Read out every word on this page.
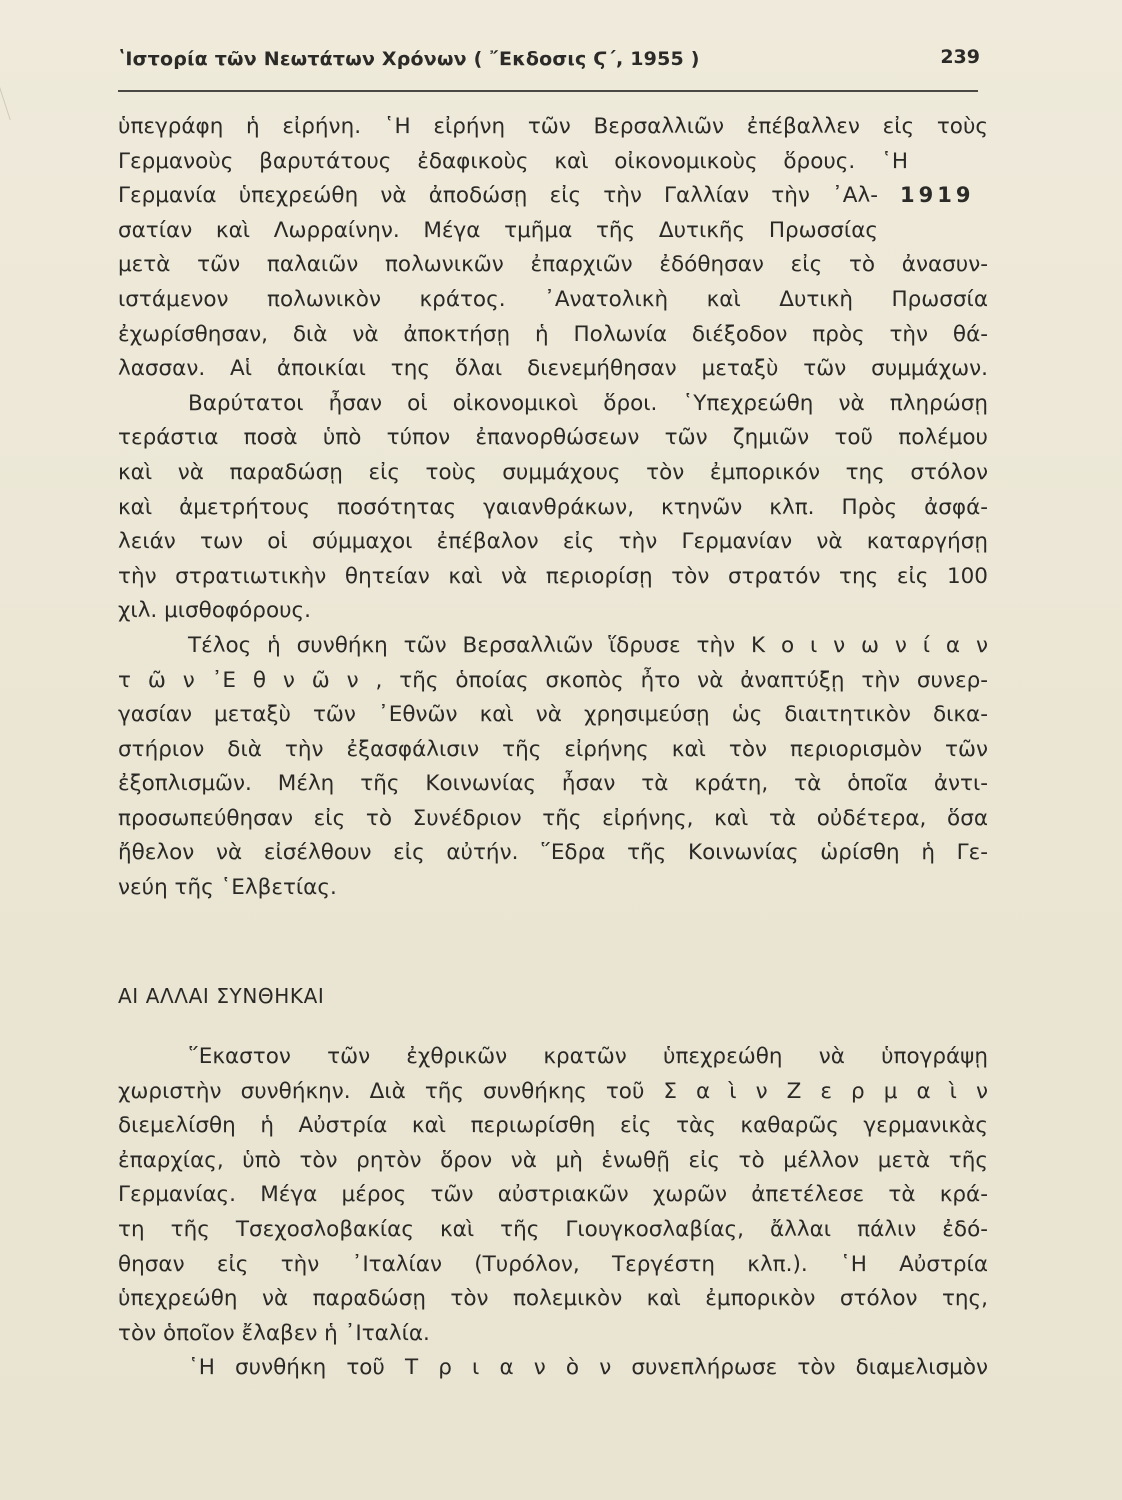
ʽΙστορία τῶν Νεωτάτων Χρόνων ( ῎Εκδοσις Ϛ΄, 1955 )	239
1919
ὑπεγράφη ἡ εἰρήνη. ῾Η εἰρήνη τῶν Βερσαλλιῶν ἐπέβαλλεν εἰς τοὺς
Γερμανοὺς βαρυτάτους ἐδαφικοὺς καὶ οἰκονομικοὺς ὅρους. ῾Η
Γερμανία ὑπεχρεώθη νὰ ἀποδώσῃ εἰς τὴν Γαλλίαν τὴν ᾿Αλ-
σατίαν καὶ Λωρραίνην. Μέγα τμῆμα τῆς Δυτικῆς Πρωσσίας
μετὰ τῶν παλαιῶν πολωνικῶν ἐπαρχιῶν ἐδόθησαν εἰς τὸ ἀνασυν-
ιστάμενον πολωνικὸν κράτος. ᾿Ανατολικὴ καὶ Δυτικὴ Πρωσσία
ἐχωρίσθησαν, διὰ νὰ ἀποκτήσῃ ἡ Πολωνία διέξοδον πρὸς τὴν θά-
λασσαν. Αἱ ἀποικίαι της ὅλαι διενεμήθησαν μεταξὺ τῶν συμμάχων.
Βαρύτατοι ἦσαν οἱ οἰκονομικοὶ ὅροι. ῾Υπεχρεώθη νὰ πληρώσῃ
τεράστια ποσὰ ὑπὸ τύπον ἐπανορθώσεων τῶν ζημιῶν τοῦ πολέμου
καὶ νὰ παραδώσῃ εἰς τοὺς συμμάχους τὸν ἐμπορικόν της στόλον
καὶ ἀμετρήτους ποσότητας γαιανθράκων, κτηνῶν κλπ. Πρὸς ἀσφά-
λειάν των οἱ σύμμαχοι ἐπέβαλον εἰς τὴν Γερμανίαν νὰ καταργήσῃ
τὴν στρατιωτικὴν θητείαν καὶ νὰ περιορίσῃ τὸν στρατόν της εἰς 100
χιλ. μισθοφόρους.
Τέλος ἡ συνθήκη τῶν Βερσαλλιῶν ἵδρυσε τὴν Κ ο ι ν ω ν ί α ν
τ ῶ ν ᾿Ε θ ν ῶ ν , τῆς ὁποίας σκοπὸς ἦτο νὰ ἀναπτύξῃ τὴν συνερ-
γασίαν μεταξὺ τῶν ᾿Εθνῶν καὶ νὰ χρησιμεύσῃ ὡς διαιτητικὸν δικα-
στήριον διὰ τὴν ἐξασφάλισιν τῆς εἰρήνης καὶ τὸν περιορισμὸν τῶν
ἐξοπλισμῶν. Μέλη τῆς Κοινωνίας ἦσαν τὰ κράτη, τὰ ὁποῖα ἀντι-
προσωπεύθησαν εἰς τὸ Συνέδριον τῆς εἰρήνης, καὶ τὰ οὐδέτερα, ὅσα
ἤθελον νὰ εἰσέλθουν εἰς αὐτήν. ῞Εδρα τῆς Κοινωνίας ὡρίσθη ἡ Γε-
νεύη τῆς ῾Ελβετίας.
ΑΙ ΑΛΛΑΙ ΣΥΝΘΗΚΑΙ
῞Εκαστον τῶν ἐχθρικῶν κρατῶν ὑπεχρεώθη νὰ ὑπογράψῃ
χωριστὴν συνθήκην. Διὰ τῆς συνθήκης τοῦ Σ α ὶ ν Ζ ε ρ μ α ὶ ν
διεμελίσθη ἡ Αὐστρία καὶ περιωρίσθη εἰς τὰς καθαρῶς γερμανικὰς
ἐπαρχίας, ὑπὸ τὸν ρητὸν ὅρον νὰ μὴ ἑνωθῇ εἰς τὸ μέλλον μετὰ τῆς
Γερμανίας. Μέγα μέρος τῶν αὐστριακῶν χωρῶν ἀπετέλεσε τὰ κρά-
τη τῆς Τσεχοσλοβακίας καὶ τῆς Γιουγκοσλαβίας, ἄλλαι πάλιν ἐδό-
θησαν εἰς τὴν ᾿Ιταλίαν (Τυρόλον, Τεργέστη κλπ.). ῾Η Αὐστρία
ὑπεχρεώθη νὰ παραδώσῃ τὸν πολεμικὸν καὶ ἐμπορικὸν στόλον της,
τὸν ὁποῖον ἔλαβεν ἡ ᾿Ιταλία.
῾Η συνθήκη τοῦ Τ ρ ι α ν ὸ ν συνεπλήρωσε τὸν διαμελισμὸν
